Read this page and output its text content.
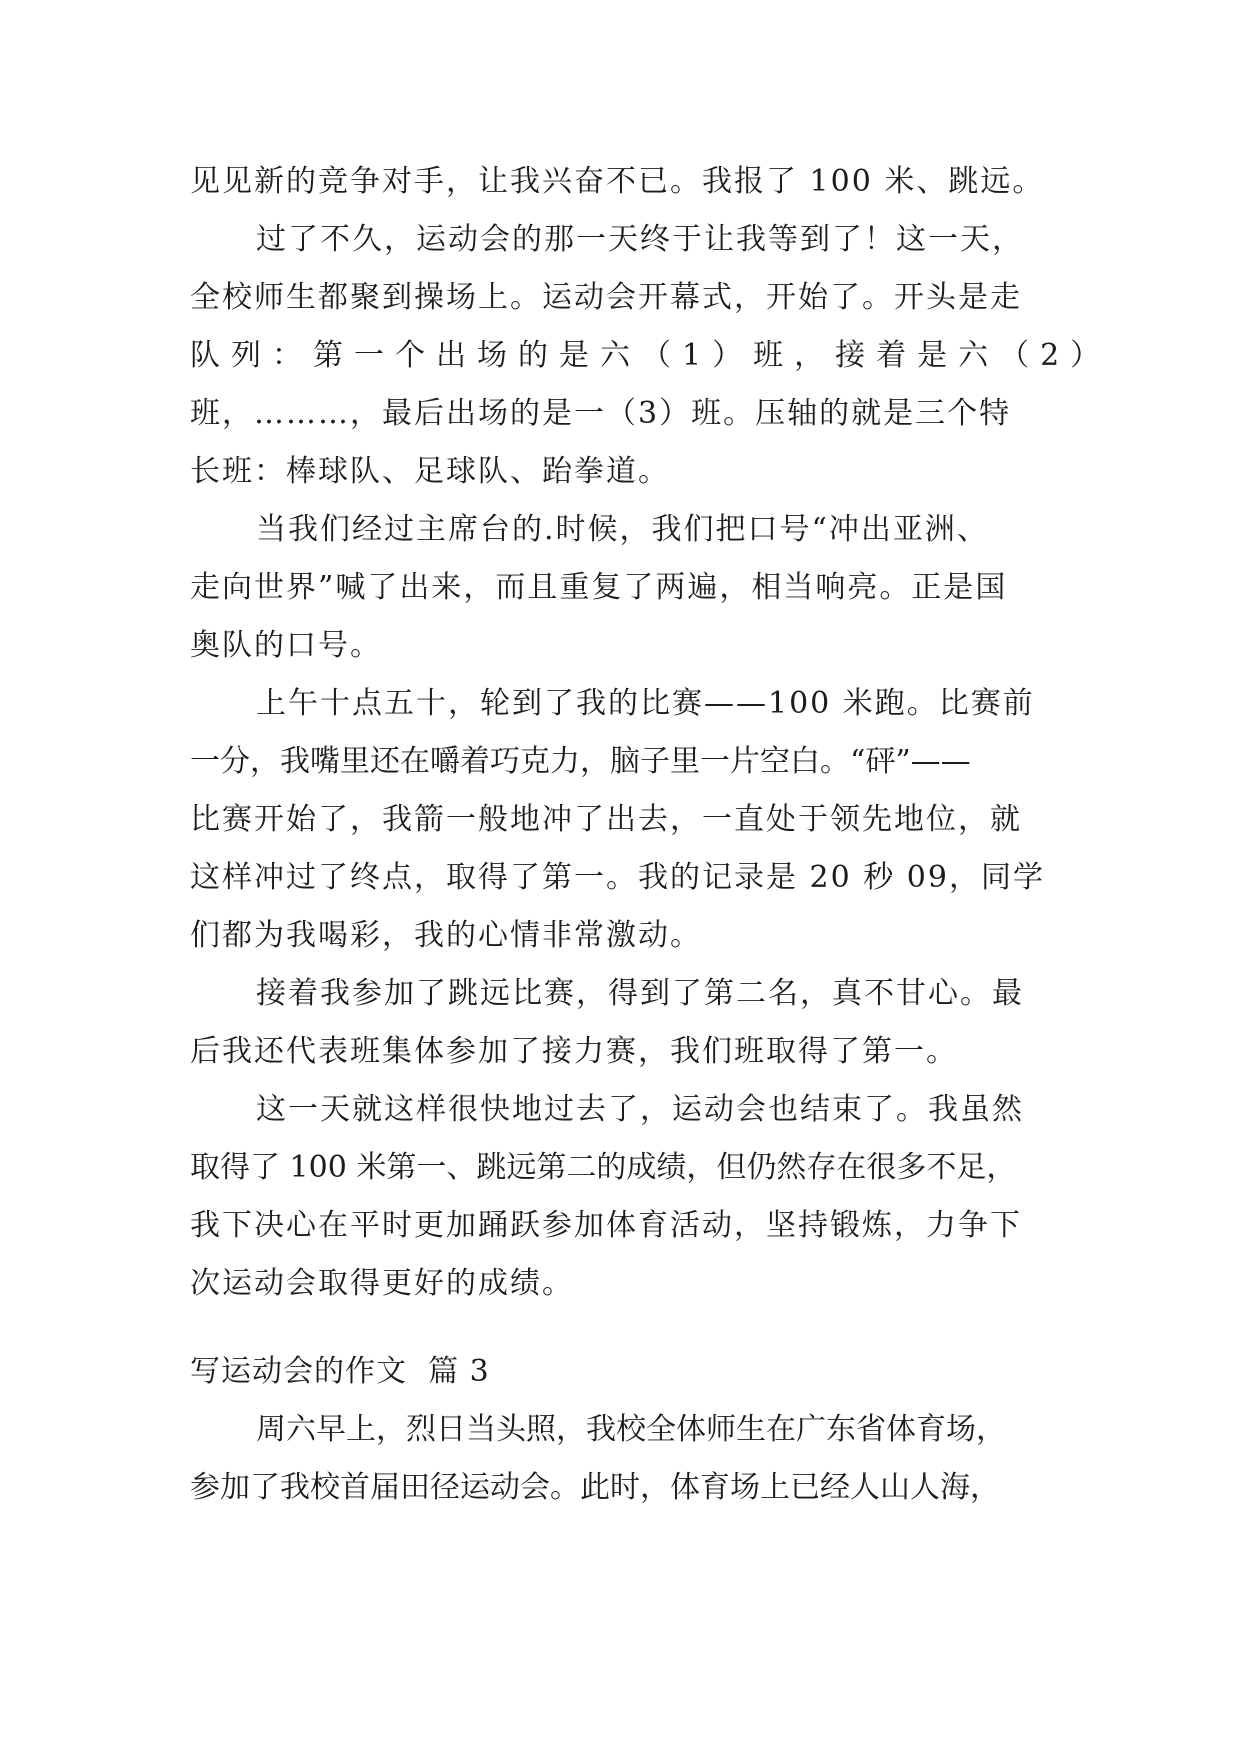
见见新的竞争对手，让我兴奋不已。我报了 100 米、跳远。
过了不久，运动会的那一天终于让我等到了！这一天，
全校师生都聚到操场上。运动会开幕式，开始了。开头是走
队列：第一个出场的是六（1）班，接着是六（2）
班，………，最后出场的是一（3）班。压轴的就是三个特
长班：棒球队、足球队、跆拳道。
当我们经过主席台的.时候，我们把口号“冲出亚洲、
走向世界”喊了出来，而且重复了两遍，相当响亮。正是国
奥队的口号。
上午十点五十，轮到了我的比赛——100 米跑。比赛前
一分，我嘴里还在嚼着巧克力，脑子里一片空白。“砰”——
比赛开始了，我箭一般地冲了出去，一直处于领先地位，就
这样冲过了终点，取得了第一。我的记录是 20 秒 09，同学
们都为我喝彩，我的心情非常激动。
接着我参加了跳远比赛，得到了第二名，真不甘心。最
后我还代表班集体参加了接力赛，我们班取得了第一。
这一天就这样很快地过去了，运动会也结束了。我虽然
取得了 100 米第一、跳远第二的成绩，但仍然存在很多不足，
我下决心在平时更加踊跃参加体育活动，坚持锻炼，力争下
次运动会取得更好的成绩。
写运动会的作文  篇 3
周六早上，烈日当头照，我校全体师生在广东省体育场，
参加了我校首届田径运动会。此时，体育场上已经人山人海，
